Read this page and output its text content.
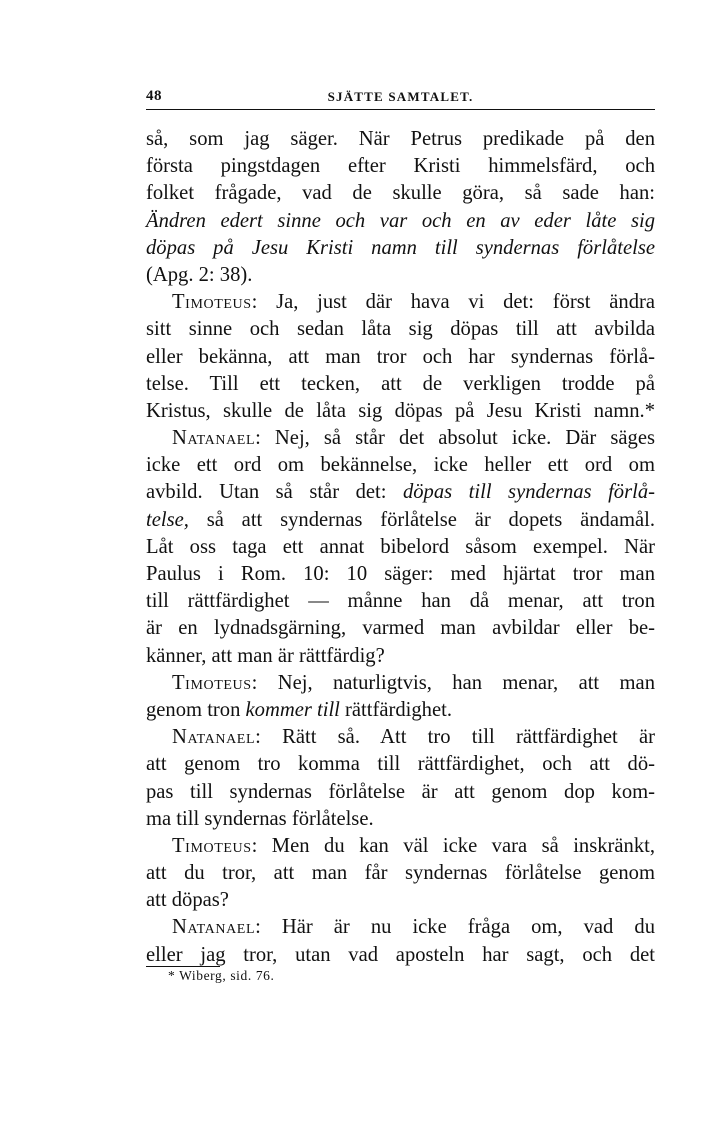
48	SJÄTTE SAMTALET.
så, som jag säger. När Petrus predikade på den
första pingstdagen efter Kristi himmelsfärd, och
folket frågade, vad de skulle göra, så sade han:
Ändren edert sinne och var och en av eder låte sig
döpas på Jesu Kristi namn till syndernas förlåtelse
(Apg. 2: 38).
Timoteus: Ja, just där hava vi det: först ändra
sitt sinne och sedan låta sig döpas till att avbilda
eller bekänna, att man tror och har syndernas förlå-
telse. Till ett tecken, att de verkligen trodde på
Kristus, skulle de låta sig döpas på Jesu Kristi namn.*
Natanael: Nej, så står det absolut icke. Där säges
icke ett ord om bekännelse, icke heller ett ord om
avbild. Utan så står det: döpas till syndernas förlå-
telse, så att syndernas förlåtelse är dopets ändamål.
Låt oss taga ett annat bibelord såsom exempel. När
Paulus i Rom. 10: 10 säger: med hjärtat tror man
till rättfärdighet — månne han då menar, att tron
är en lydnadsgärning, varmed man avbildar eller be-
känner, att man är rättfärdig?
Timoteus: Nej, naturligtvis, han menar, att man
genom tron kommer till rättfärdighet.
Natanael: Rätt så. Att tro till rättfärdighet är
att genom tro komma till rättfärdighet, och att dö-
pas till syndernas förlåtelse är att genom dop kom-
ma till syndernas förlåtelse.
Timoteus: Men du kan väl icke vara så inskränkt,
att du tror, att man får syndernas förlåtelse genom
att döpas?
Natanael: Här är nu icke fråga om, vad du
eller jag tror, utan vad aposteln har sagt, och det
* Wiberg, sid. 76.
